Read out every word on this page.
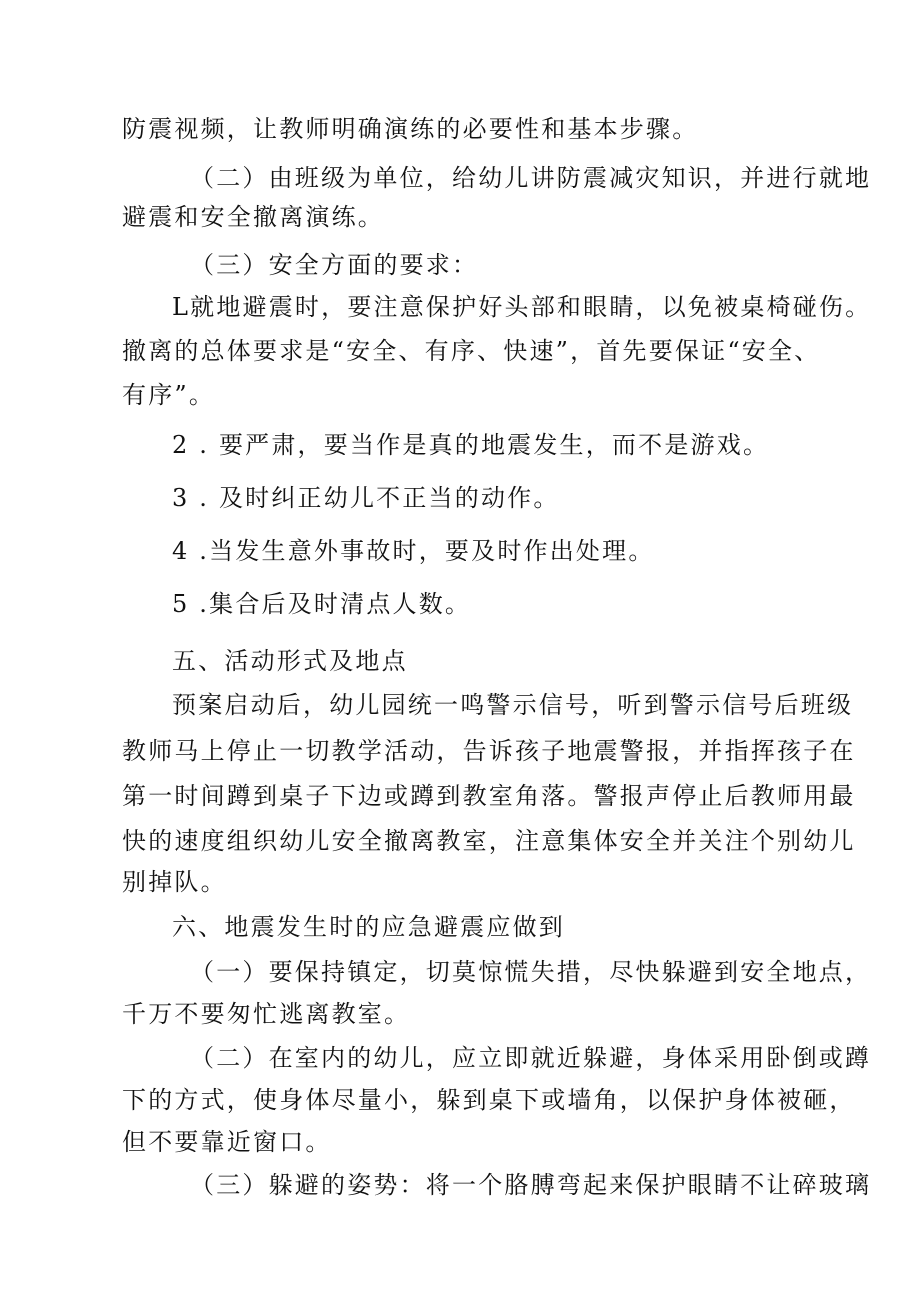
防震视频，让教师明确演练的必要性和基本步骤。
（二）由班级为单位，给幼儿讲防震减灾知识，并进行就地
避震和安全撤离演练。
（三）安全方面的要求：
L就地避震时，要注意保护好头部和眼睛，以免被桌椅碰伤。
撤离的总体要求是“安全、有序、快速”，首先要保证“安全、
有序”。
2 . 要严肃，要当作是真的地震发生，而不是游戏。
3 . 及时纠正幼儿不正当的动作。
4 .当发生意外事故时，要及时作出处理。
5 .集合后及时清点人数。
五、活动形式及地点
预案启动后，幼儿园统一鸣警示信号，听到警示信号后班级
教师马上停止一切教学活动，告诉孩子地震警报，并指挥孩子在
第一时间蹲到桌子下边或蹲到教室角落。警报声停止后教师用最
快的速度组织幼儿安全撤离教室，注意集体安全并关注个别幼儿
别掉队。
六、地震发生时的应急避震应做到
（一）要保持镇定，切莫惊慌失措，尽快躲避到安全地点，
千万不要匆忙逃离教室。
（二）在室内的幼儿，应立即就近躲避，身体采用卧倒或蹲
下的方式，使身体尽量小，躲到桌下或墙角，以保护身体被砸，
但不要靠近窗口。
（三）躲避的姿势：将一个胳膊弯起来保护眼睛不让碎玻璃
